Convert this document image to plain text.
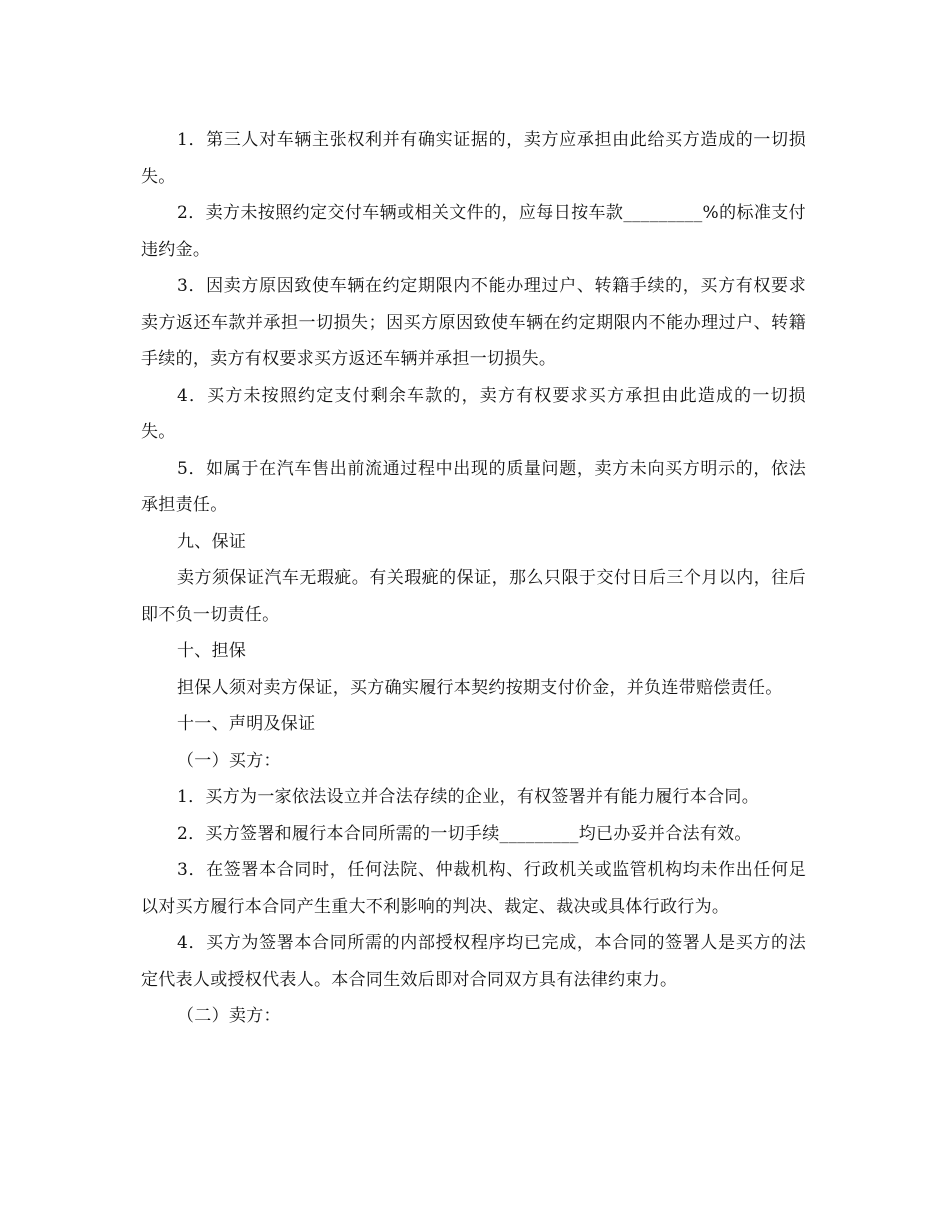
1．第三人对车辆主张权利并有确实证据的，卖方应承担由此给买方造成的一切损失。

2．卖方未按照约定交付车辆或相关文件的，应每日按车款_________%的标准支付违约金。

3．因卖方原因致使车辆在约定期限内不能办理过户、转籍手续的，买方有权要求卖方返还车款并承担一切损失；因买方原因致使车辆在约定期限内不能办理过户、转籍手续的，卖方有权要求买方返还车辆并承担一切损失。

4．买方未按照约定支付剩余车款的，卖方有权要求买方承担由此造成的一切损失。

5．如属于在汽车售出前流通过程中出现的质量问题，卖方未向买方明示的，依法承担责任。

九、保证

卖方须保证汽车无瑕疵。有关瑕疵的保证，那么只限于交付日后三个月以内，往后即不负一切责任。

十、担保

担保人须对卖方保证，买方确实履行本契约按期支付价金，并负连带赔偿责任。

十一、声明及保证

（一）买方：

1．买方为一家依法设立并合法存续的企业，有权签署并有能力履行本合同。

2．买方签署和履行本合同所需的一切手续_________均已办妥并合法有效。

3．在签署本合同时，任何法院、仲裁机构、行政机关或监管机构均未作出任何足以对买方履行本合同产生重大不利影响的判决、裁定、裁决或具体行政行为。

4．买方为签署本合同所需的内部授权程序均已完成，本合同的签署人是买方的法定代表人或授权代表人。本合同生效后即对合同双方具有法律约束力。

（二）卖方：
